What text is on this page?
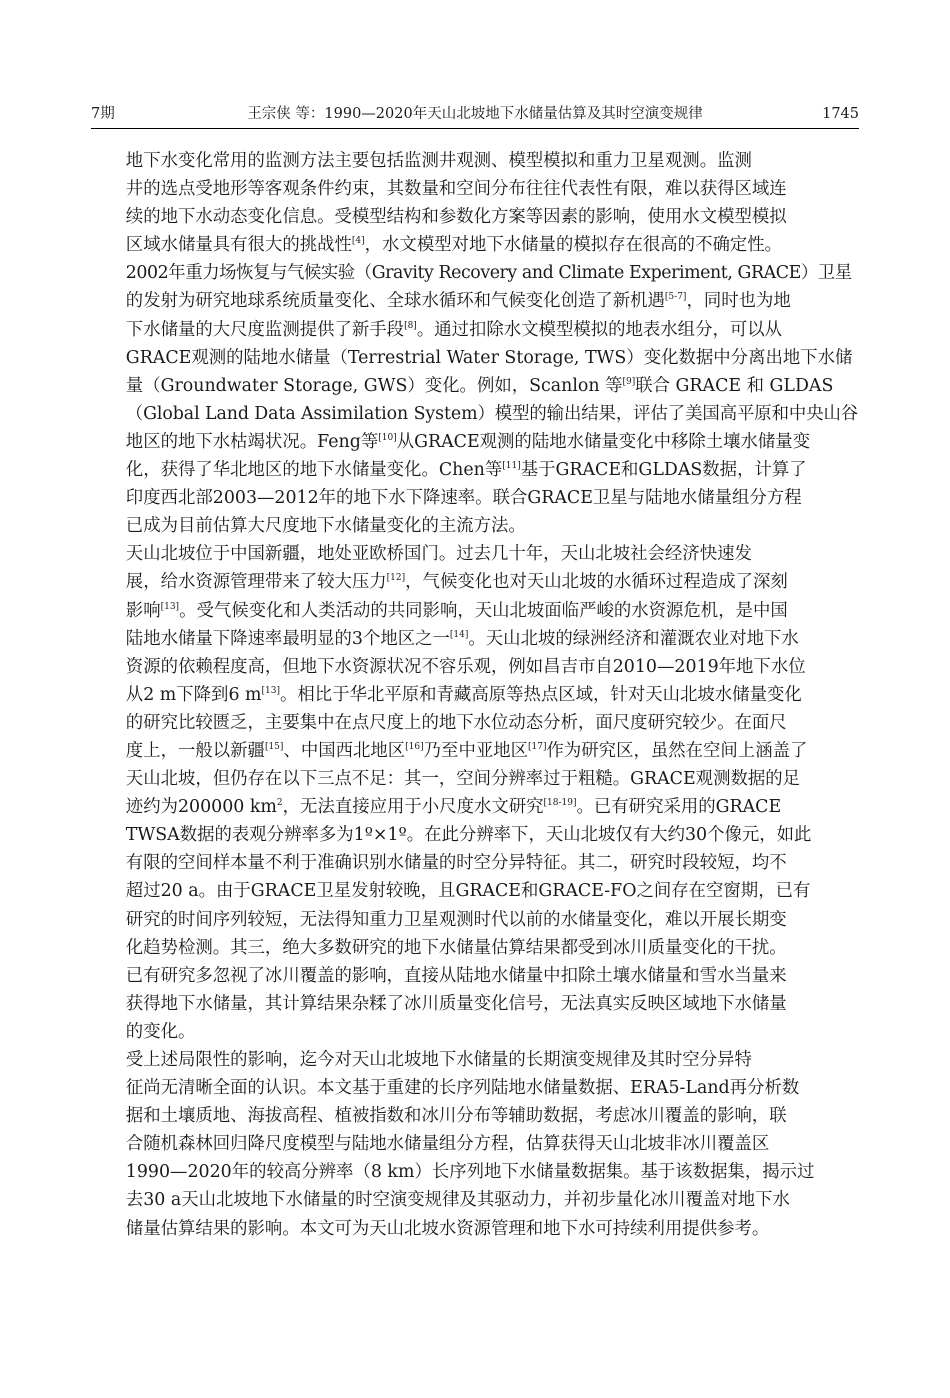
7期	王宗侠 等：1990—2020年天山北坡地下水储量估算及其时空演变规律	1745

地下水变化常用的监测方法主要包括监测井观测、模型模拟和重力卫星观测。监测
井的选点受地形等客观条件约束，其数量和空间分布往往代表性有限，难以获得区域连
续的地下水动态变化信息。受模型结构和参数化方案等因素的影响，使用水文模型模拟
区域水储量具有很大的挑战性[4]，水文模型对地下水储量的模拟存在很高的不确定性。
2002年重力场恢复与气候实验（Gravity Recovery and Climate Experiment, GRACE）卫星
的发射为研究地球系统质量变化、全球水循环和气候变化创造了新机遇[5-7]，同时也为地
下水储量的大尺度监测提供了新手段[8]。通过扣除水文模型模拟的地表水组分，可以从
GRACE观测的陆地水储量（Terrestrial Water Storage, TWS）变化数据中分离出地下水储
量（Groundwater Storage, GWS）变化。例如，Scanlon 等[9]联合 GRACE 和 GLDAS
（Global Land Data Assimilation System）模型的输出结果，评估了美国高平原和中央山谷
地区的地下水枯竭状况。Feng等[10]从GRACE观测的陆地水储量变化中移除土壤水储量变
化，获得了华北地区的地下水储量变化。Chen等[11]基于GRACE和GLDAS数据，计算了
印度西北部2003—2012年的地下水下降速率。联合GRACE卫星与陆地水储量组分方程
已成为目前估算大尺度地下水储量变化的主流方法。

天山北坡位于中国新疆，地处亚欧桥国门。过去几十年，天山北坡社会经济快速发
展，给水资源管理带来了较大压力[12]，气候变化也对天山北坡的水循环过程造成了深刻
影响[13]。受气候变化和人类活动的共同影响，天山北坡面临严峻的水资源危机，是中国
陆地水储量下降速率最明显的3个地区之一[14]。天山北坡的绿洲经济和灌溉农业对地下水
资源的依赖程度高，但地下水资源状况不容乐观，例如昌吉市自2010—2019年地下水位
从2 m下降到6 m[13]。相比于华北平原和青藏高原等热点区域，针对天山北坡水储量变化
的研究比较匮乏，主要集中在点尺度上的地下水位动态分析，面尺度研究较少。在面尺
度上，一般以新疆[15]、中国西北地区[16]乃至中亚地区[17]作为研究区，虽然在空间上涵盖了
天山北坡，但仍存在以下三点不足：其一，空间分辨率过于粗糙。GRACE观测数据的足
迹约为200000 $km^2$，无法直接应用于小尺度水文研究[18-19]。已有研究采用的GRACE
TWSA数据的表观分辨率多为1º×1º。在此分辨率下，天山北坡仅有大约30个像元，如此
有限的空间样本量不利于准确识别水储量的时空分异特征。其二，研究时段较短，均不
超过20 a。由于GRACE卫星发射较晚，且GRACE和GRACE-FO之间存在空窗期，已有
研究的时间序列较短，无法得知重力卫星观测时代以前的水储量变化，难以开展长期变
化趋势检测。其三，绝大多数研究的地下水储量估算结果都受到冰川质量变化的干扰。
已有研究多忽视了冰川覆盖的影响，直接从陆地水储量中扣除土壤水储量和雪水当量来
获得地下水储量，其计算结果杂糅了冰川质量变化信号，无法真实反映区域地下水储量
的变化。

受上述局限性的影响，迄今对天山北坡地下水储量的长期演变规律及其时空分异特
征尚无清晰全面的认识。本文基于重建的长序列陆地水储量数据、ERA5-Land再分析数
据和土壤质地、海拔高程、植被指数和冰川分布等辅助数据，考虑冰川覆盖的影响，联
合随机森林回归降尺度模型与陆地水储量组分方程，估算获得天山北坡非冰川覆盖区
1990—2020年的较高分辨率（8 km）长序列地下水储量数据集。基于该数据集，揭示过
去30 a天山北坡地下水储量的时空演变规律及其驱动力，并初步量化冰川覆盖对地下水
储量估算结果的影响。本文可为天山北坡水资源管理和地下水可持续利用提供参考。
